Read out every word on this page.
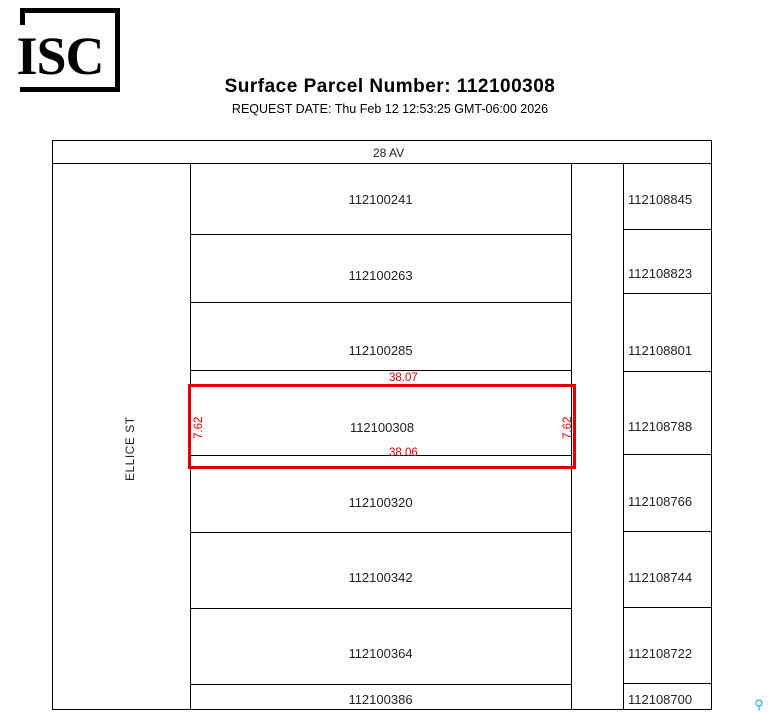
ISC
Surface Parcel Number: 112100308
REQUEST DATE: Thu Feb 12 12:53:25 GMT-06:00 2026
28 AV
ELLICE ST
112100241
112100263
112100285
112100320
112100342
112100364
112100386
112108845
112108823
112108801
112108788
112108766
112108744
112108722
112108700
112100308
38.07
38.06
7.62	7.62
⚲
